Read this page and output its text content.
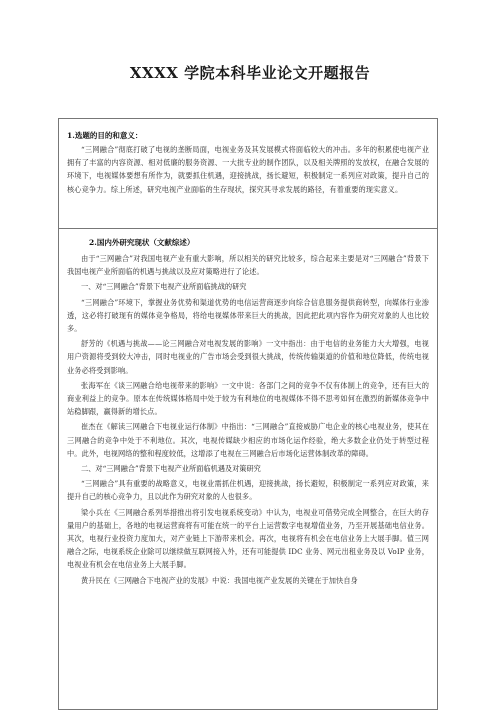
XXXX 学院本科毕业论文开题报告
1.选题的目的和意义：

“三网融合”彻底打破了电视的垄断局面，电视业务及其发展模式将面临较大的冲击。多年的积累使电视产业拥有了丰富的内容资源、相对低廉的服务资源、一大批专业的制作团队，以及相关牌照的发放权，在融合发展的环境下，电视媒体要想有所作为，就要抓住机遇，迎接挑战，扬长避短，积极制定一系列应对政策，提升自己的核心竞争力。综上所述，研究电视产业面临的生存现状，探究其寻求发展的路径，有着重要的现实意义。

2.国内外研究现状（文献综述）

由于“三网融合”对我国电视产业有重大影响，所以相关的研究比较多，综合起来主要是对“三网融合”背景下我国电视产业所面临的机遇与挑战以及应对策略进行了论述。

一、对“三网融合”背景下电视产业所面临挑战的研究

“三网融合”环境下，掌握业务优势和渠道优势的电信运营商逐步向综合信息服务提供商转型，向媒体行业渗透，这必将打破现有的媒体竞争格局，将给电视媒体带来巨大的挑战，因此把此项内容作为研究对象的人也比较多。

舒芳的《机遇与挑战——论三网融合对电视发展的影响》一文中指出：由于电信的业务能力大大增强，电视用户资源将受到较大冲击，同时电视业的广告市场会受到很大挑战，传统传输渠道的价值和地位降低，传统电视业务必将受到影响。

张海军在《谈三网融合给电视带来的影响》一文中说：各部门之间的竞争不仅有体制上的竞争，还有巨大的商业利益上的竞争。原本在传统媒体格局中处于较为有利地位的电视媒体不得不思考如何在激烈的新媒体竞争中站稳脚跟，赢得新的增长点。

崔杰在《解读三网融合下电视业运行体制》中指出：“三网融合”直接威胁广电企业的核心电视业务，使其在三网融合的竞争中处于不利地位。其次，电视传媒缺少相应的市场化运作经验，绝大多数企业仍处于转型过程中。此外，电视网络的整和程度较低，这增添了电视在三网融合后市场化运营体制改革的障碍。

二、对“三网融合”背景下电视产业所面临机遇及对策研究

“三网融合”具有重要的战略意义，电视业需抓住机遇，迎接挑战，扬长避短，积极制定一系列应对政策，来提升自己的核心竞争力，且以此作为研究对象的人也很多。

梁小兵在《三网融合系列举措推出将引发电视系统变动》中认为，电视业可借势完成全网整合，在巨大的存量用户的基础上，各地的电视运营商将有可能在统一的平台上运营数字电视增值业务，乃至开展基础电信业务。其次，电视行业投资力度加大，对产业链上下游带来机会。再次，电视将有机会在电信业务上大展手脚。值三网融合之际，电视系统企业除可以继续做互联网接入外，还有可能提供 IDC 业务、网元出租业务及以 VoIP 业务，电视业有机会在电信业务上大展手脚。

黄升民在《三网融合下电视产业的发展》中说：我国电视产业发展的关键在于加快自身
